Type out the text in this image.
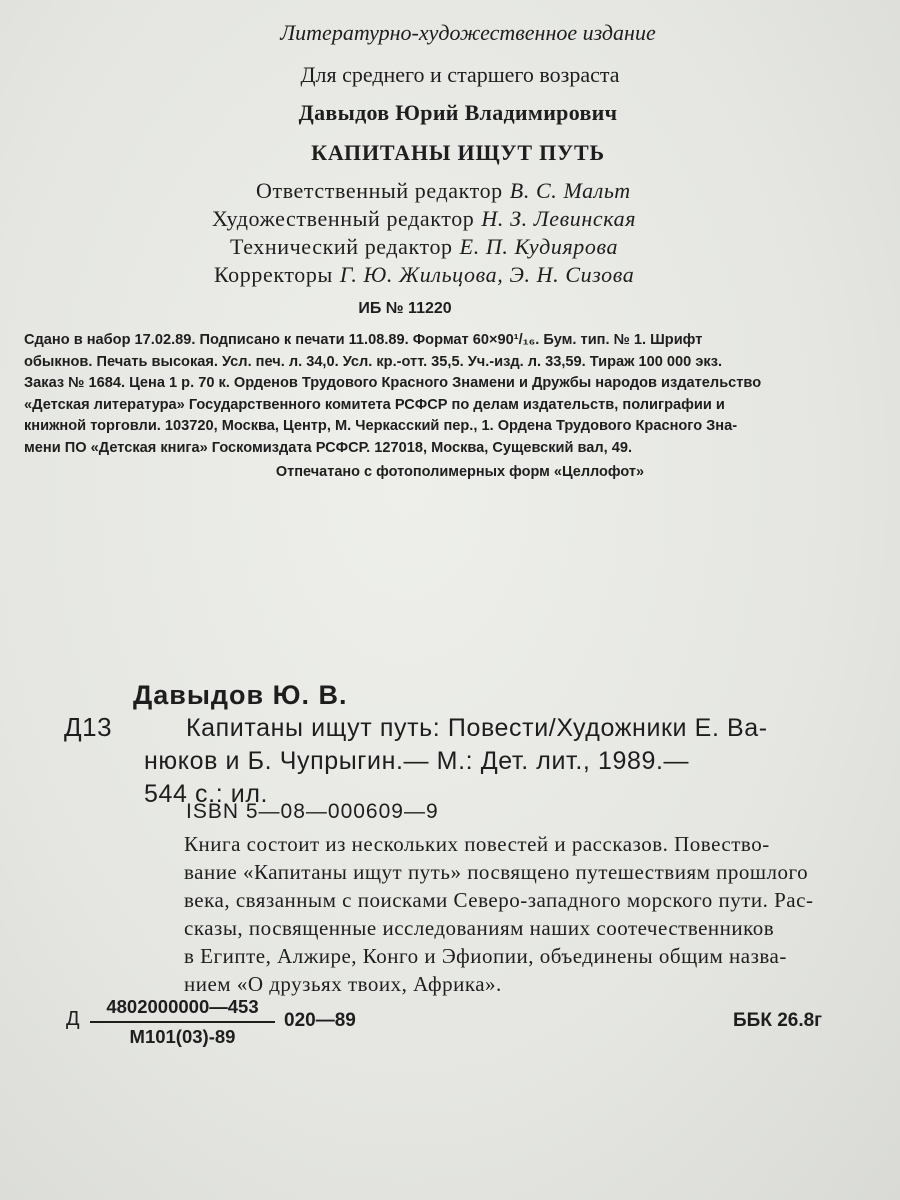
Литературно-художественное издание
Для среднего и старшего возраста
Давыдов Юрий Владимирович
КАПИТАНЫ ИЩУТ ПУТЬ
Ответственный редактор В. С. Мальт
Художественный редактор Н. З. Левинская
Технический редактор Е. П. Кудиярова
Корректоры Г. Ю. Жильцова, Э. Н. Сизова
ИБ № 11220
Сдано в набор 17.02.89. Подписано к печати 11.08.89. Формат 60×90¹/₁₆. Бум. тип. № 1. Шрифт
обыкнов. Печать высокая. Усл. печ. л. 34,0. Усл. кр.-отт. 35,5. Уч.-изд. л. 33,59. Тираж 100 000 экз.
Заказ № 1684. Цена 1 р. 70 к. Орденов Трудового Красного Знамени и Дружбы народов издательство
«Детская литература» Государственного комитета РСФСР по делам издательств, полиграфии и
книжной торговли. 103720, Москва, Центр, М. Черкасский пер., 1. Ордена Трудового Красного Зна-
мени ПО «Детская книга» Госкомиздата РСФСР. 127018, Москва, Сущевский вал, 49.
Отпечатано с фотополимерных форм «Целлофот»
Давыдов Ю. В.
Д13	Капитаны ищут путь: Повести/Художники Е. Ва-
нюков и Б. Чупрыгин.— М.: Дет. лит., 1989.—
544 с.: ил.
ISBN 5—08—000609—9
Книга состоит из нескольких повестей и рассказов. Повество-
вание «Капитаны ищут путь» посвящено путешествиям прошлого
века, связанным с поисками Северо-западного морского пути. Рас-
сказы, посвященные исследованиям наших соотечественников
в Египте, Алжире, Конго и Эфиопии, объединены общим назва-
нием «О друзьях твоих, Африка».
Д
4802000000—453
М101(03)-89
020—89	ББК 26.8г
